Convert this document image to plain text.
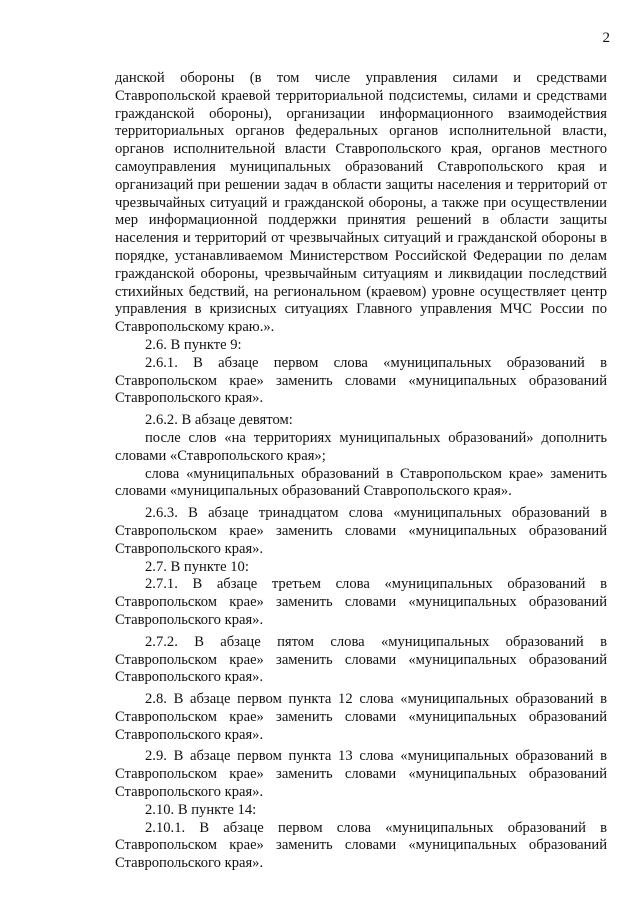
2

данской обороны (в том числе управления силами и средствами Ставропольской краевой территориальной подсистемы, силами и средствами гражданской обороны), организации информационного взаимодействия территориальных органов федеральных органов исполнительной власти, органов исполнительной власти Ставропольского края, органов местного самоуправления муниципальных образований Ставропольского края и организаций при решении задач в области защиты населения и территорий от чрезвычайных ситуаций и гражданской обороны, а также при осуществлении мер информационной поддержки принятия решений в области защиты населения и территорий от чрезвычайных ситуаций и гражданской обороны в порядке, устанавливаемом Министерством Российской Федерации по делам гражданской обороны, чрезвычайным ситуациям и ликвидации последствий стихийных бедствий, на региональном (краевом) уровне осуществляет центр управления в кризисных ситуациях Главного управления МЧС России по Ставропольскому краю.».

2.6. В пункте 9:

2.6.1. В абзаце первом слова «муниципальных образований в Ставропольском крае» заменить словами «муниципальных образований Ставропольского края».

2.6.2. В абзаце девятом:

после слов «на территориях муниципальных образований» дополнить словами «Ставропольского края»;

слова «муниципальных образований в Ставропольском крае» заменить словами «муниципальных образований Ставропольского края».

2.6.3. В абзаце тринадцатом слова «муниципальных образований в Ставропольском крае» заменить словами «муниципальных образований Ставропольского края».

2.7. В пункте 10:

2.7.1. В абзаце третьем слова «муниципальных образований в Ставропольском крае» заменить словами «муниципальных образований Ставропольского края».

2.7.2. В абзаце пятом слова «муниципальных образований в Ставропольском крае» заменить словами «муниципальных образований Ставропольского края».

2.8. В абзаце первом пункта 12 слова «муниципальных образований в Ставропольском крае» заменить словами «муниципальных образований Ставропольского края».

2.9. В абзаце первом пункта 13 слова «муниципальных образований в Ставропольском крае» заменить словами «муниципальных образований Ставропольского края».

2.10. В пункте 14:

2.10.1. В абзаце первом слова «муниципальных образований в Ставропольском крае» заменить словами «муниципальных образований Ставропольского края».
